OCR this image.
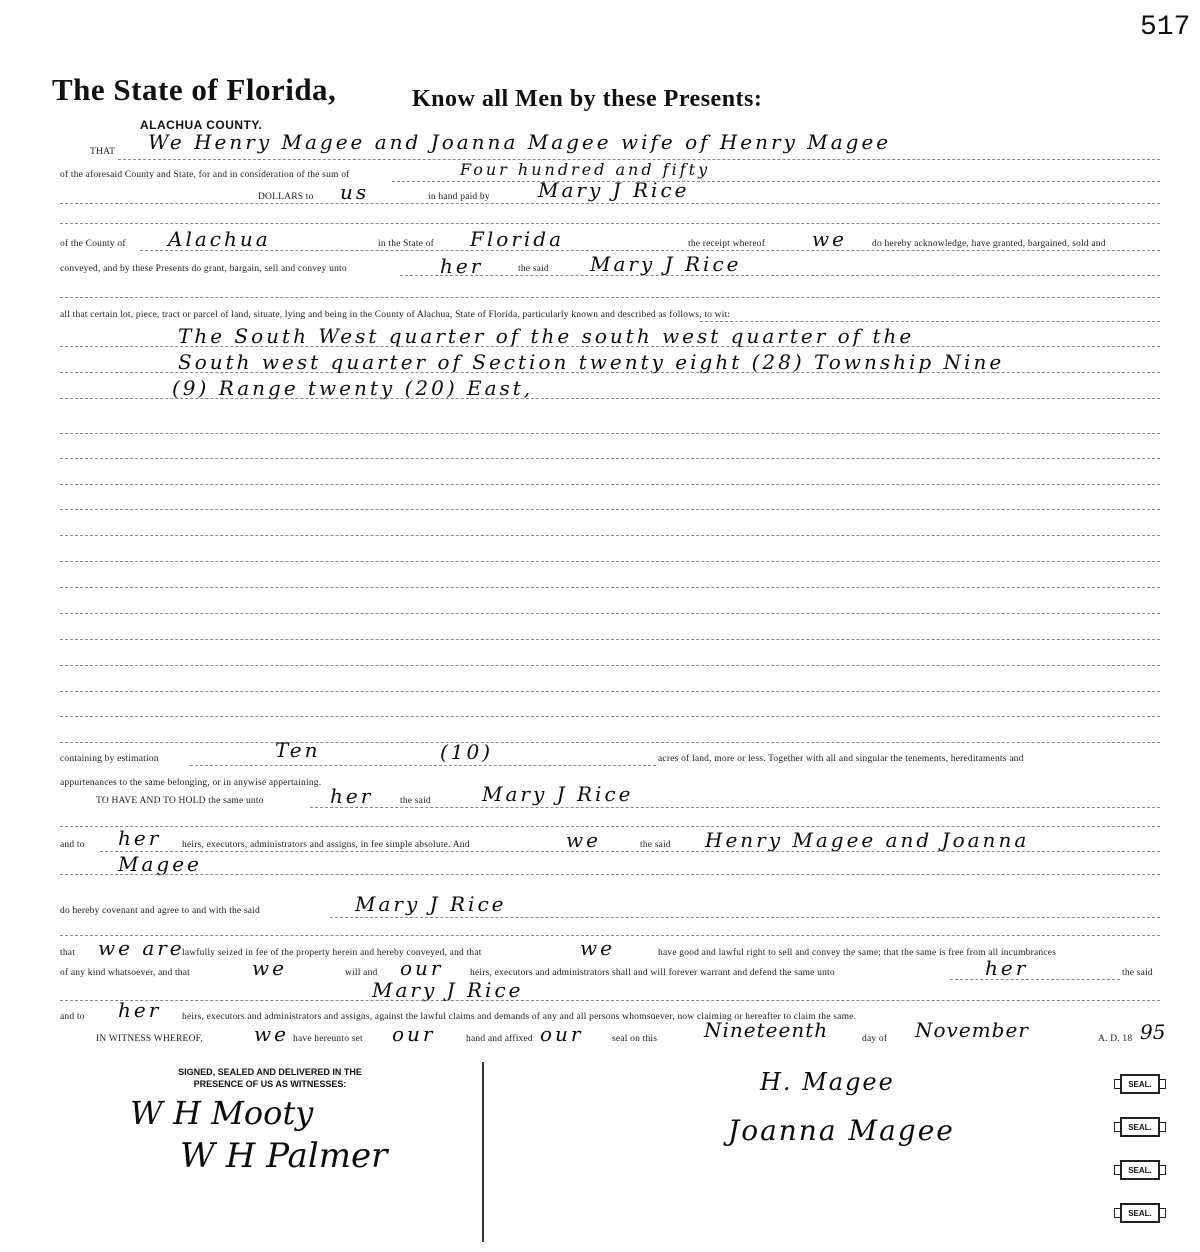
517
The State of Florida,	Know all Men by these Presents:
ALACHUA COUNTY.
THAT We Henry Magee and Joanna Magee wife of Henry Magee
of the aforesaid County and State, for and in consideration of the sum of	Four hundred and fifty
DOLLARS to us	in hand paid by Mary J Rice
of the County of Alachua	in the State of Florida	the receipt whereof we	do hereby acknowledge, have granted, bargained, sold and
conveyed, and by these Presents do grant, bargain, sell and convey unto	her	the said Mary J Rice
all that certain lot, piece, tract or parcel of land, situate, lying and being in the County of Alachua, State of Florida, particularly known and described as follows, to wit:
The South West quarter of the south west quarter of the
South west quarter of Section twenty eight (28) Township Nine
(9) Range twenty (20) East,
containing by estimation	Ten	(10)	acres of land, more or less. Together with all and singular the tenements, hereditaments and
appurtenances to the same belonging, or in anywise appertaining.
TO HAVE AND TO HOLD the same unto	her	the said	Mary J Rice
and to her heirs, executors, administrators and assigns, in fee simple absolute. And	we	the said Henry Magee and Joanna
Magee
do hereby covenant and agree to and with the said	Mary J Rice
that we are
lawfully seized in fee of the property herein and hereby conveyed, and that	we	have good and lawful right to sell and convey the same; that the same is free from all incumbrances
of any kind whatsoever, and that	we	will and our	heirs, executors and administrators shall and will forever warrant and defend the same unto	her	the said
Mary J Rice
and to her heirs, executors and administrators and assigns, against the lawful claims and demands of any and all persons whomsoever, now claiming or hereafter to claim the same.
IN WITNESS WHEREOF,	we have hereunto set our	hand and affixed our	seal on this Nineteenth	day of November	A. D. 18 95
SIGNED, SEALED AND DELIVERED IN THE PRESENCE OF US AS WITNESSES:
W H Mooty
W H Palmer
H. Magee
Joanna Magee
SEAL.
SEAL.
SEAL.
SEAL.
